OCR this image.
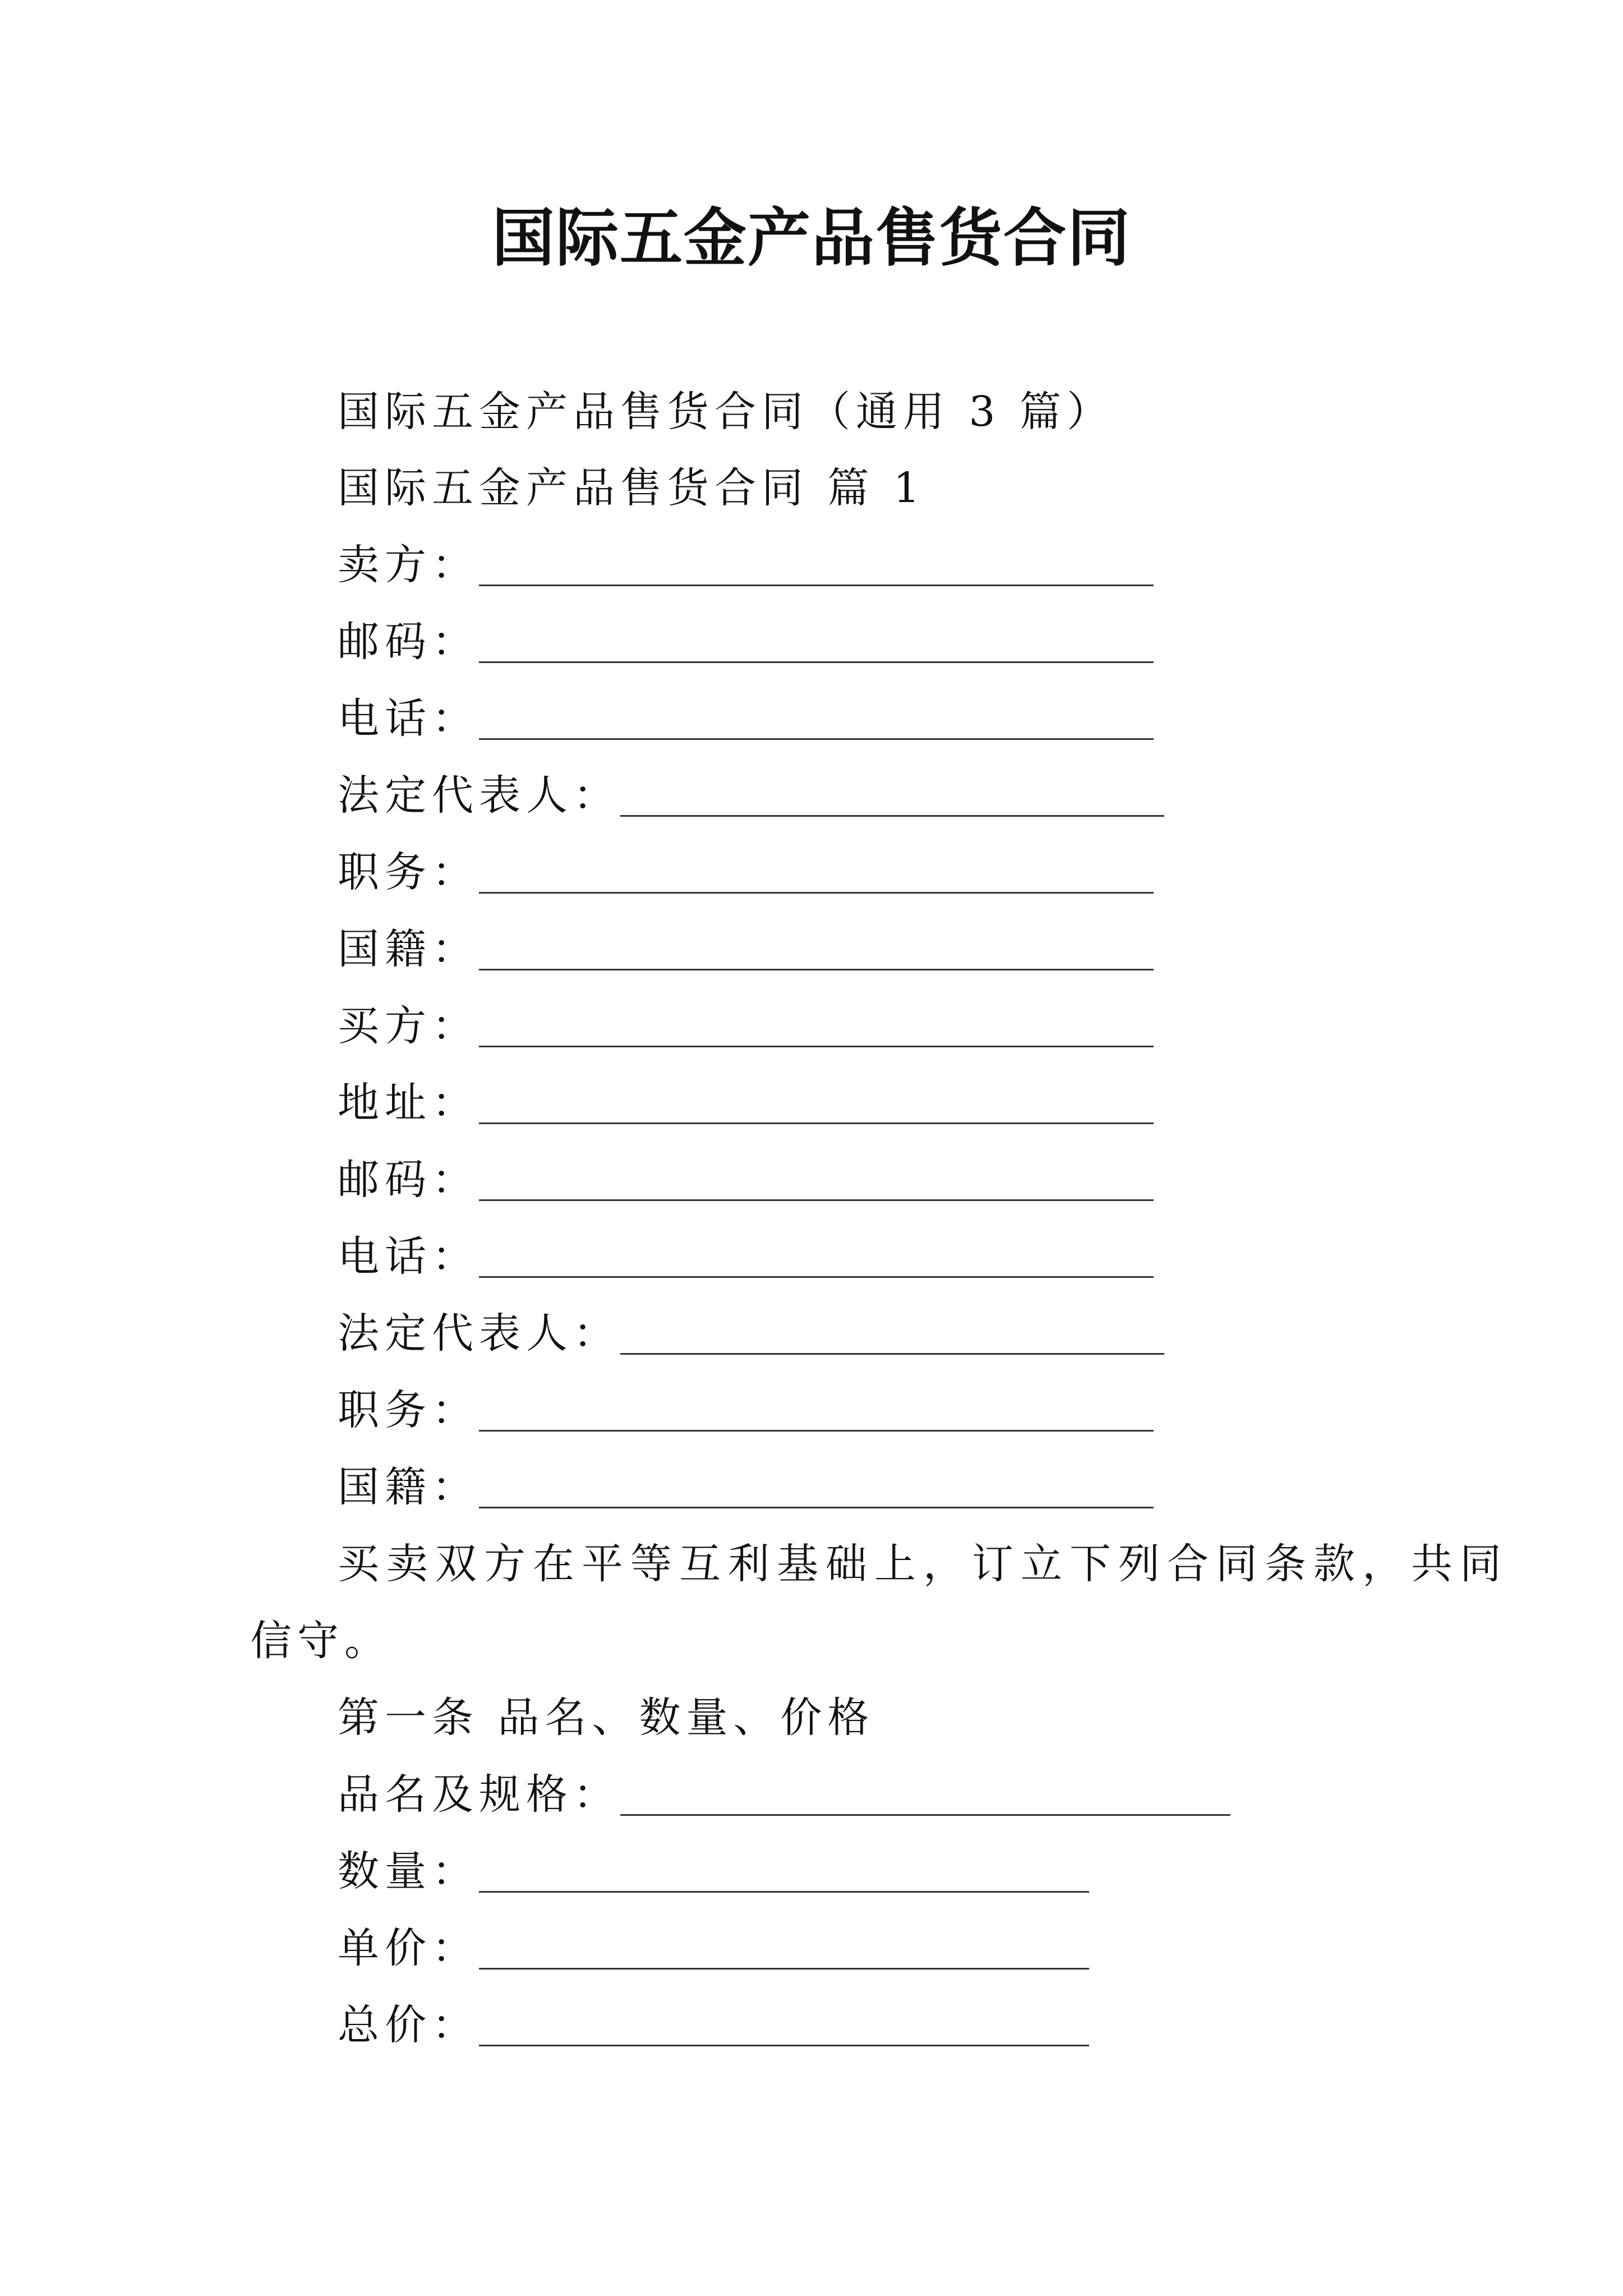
国际五金产品售货合同
国际五金产品售货合同（通用 3 篇）
国际五金产品售货合同 篇 1
卖方：
邮码：
电话：
法定代表人：
职务：
国籍：
买方：
地址：
邮码：
电话：
法定代表人：
职务：
国籍：
买卖双方在平等互利基础上，订立下列合同条款，共同
信守。
第一条 品名、数量、价格
品名及规格：
数量：
单价：
总价：
